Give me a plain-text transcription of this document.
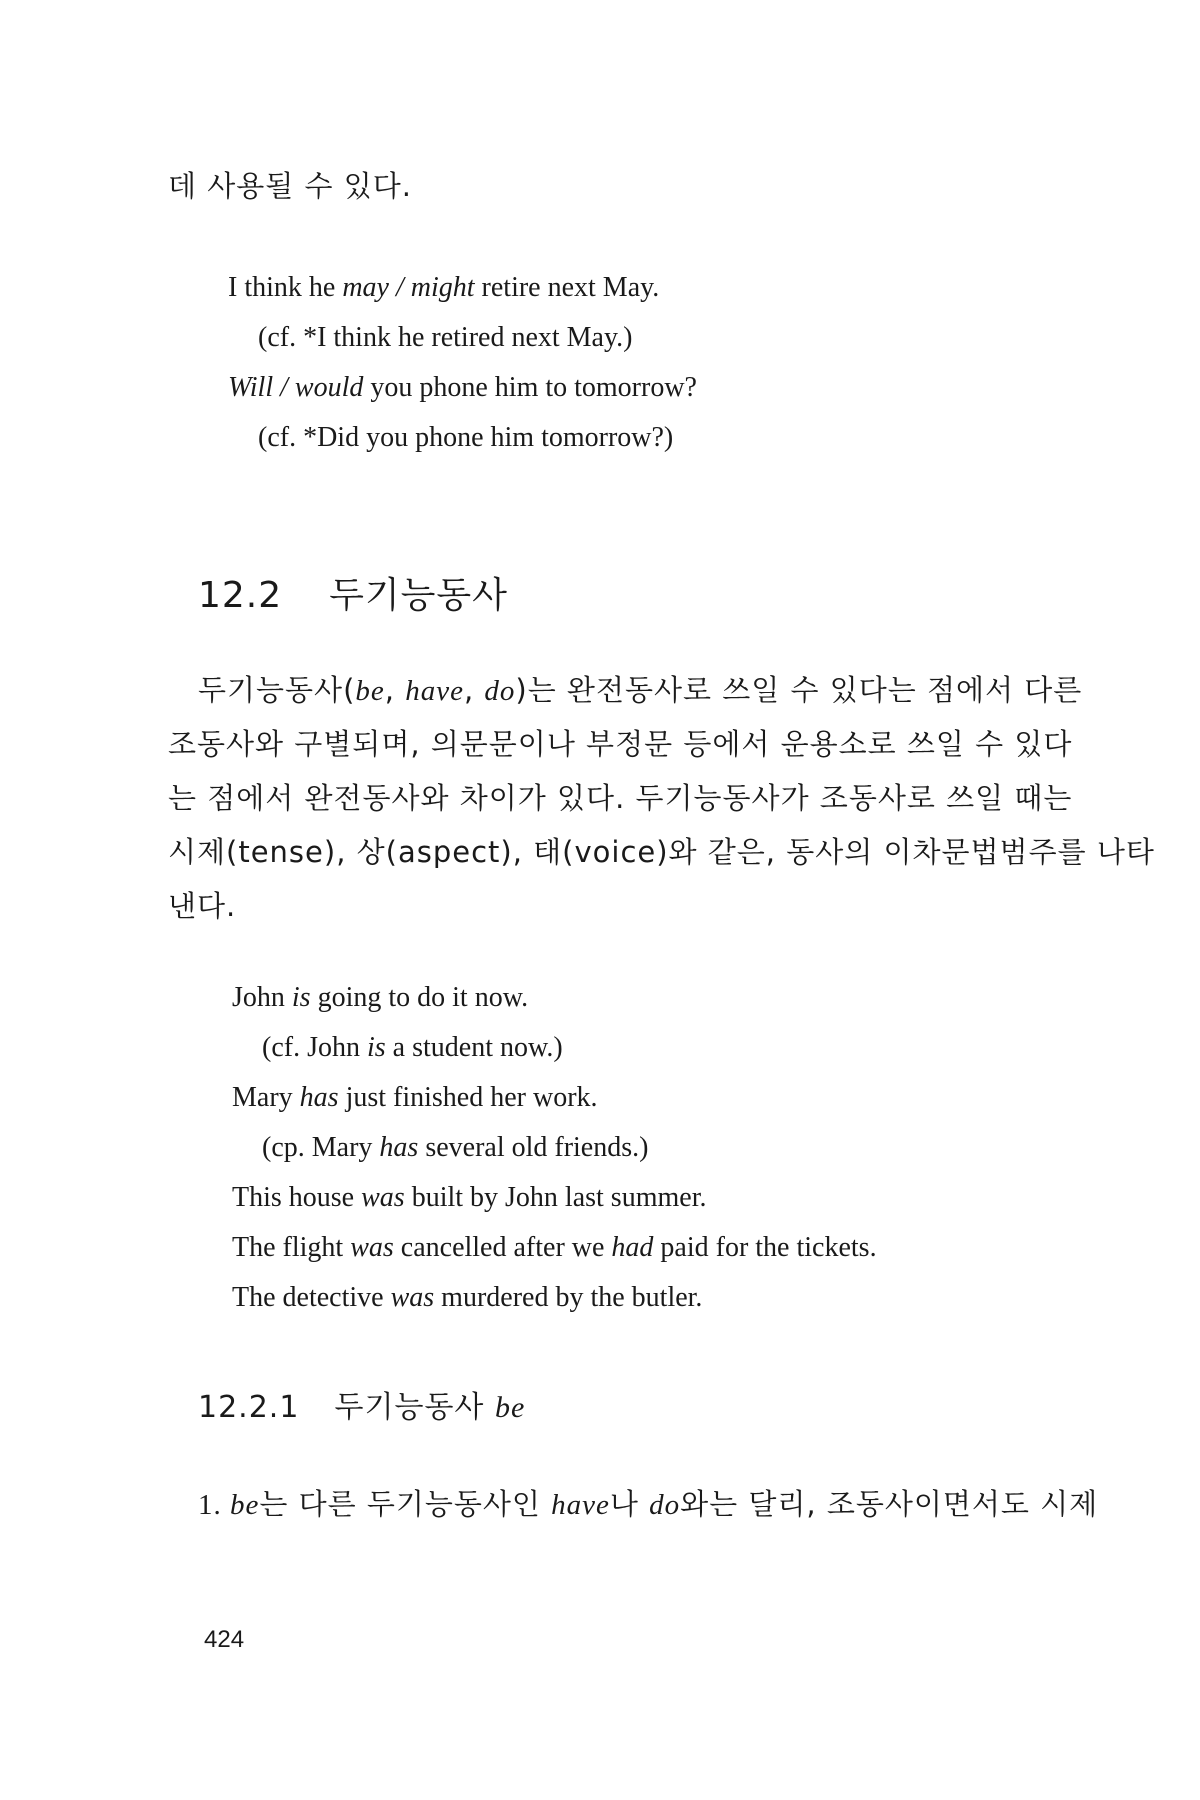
데 사용될 수 있다.
I think he may / might retire next May.
(cf. *I think he retired next May.)
Will / would you phone him to tomorrow?
(cf. *Did you phone him tomorrow?)
12.2 두기능동사
두기능동사(be, have, do)는 완전동사로 쓰일 수 있다는 점에서 다른
조동사와 구별되며, 의문문이나 부정문 등에서 운용소로 쓰일 수 있다
는 점에서 완전동사와 차이가 있다. 두기능동사가 조동사로 쓰일 때는
시제(tense), 상(aspect), 태(voice)와 같은, 동사의 이차문법범주를 나타
낸다.
John is going to do it now.
(cf. John is a student now.)
Mary has just finished her work.
(cp. Mary has several old friends.)
This house was built by John last summer.
The flight was cancelled after we had paid for the tickets.
The detective was murdered by the butler.
12.2.1 두기능동사 be
1. be는 다른 두기능동사인 have나 do와는 달리, 조동사이면서도 시제
424
